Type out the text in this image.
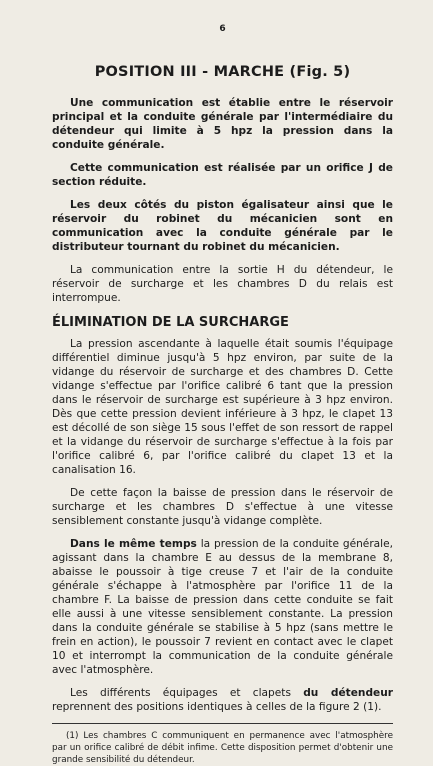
6
POSITION III - MARCHE (Fig. 5)

Une communication est établie entre le réservoir principal et la conduite générale par l'intermédiaire du détendeur qui limite à 5 hpz la pression dans la conduite générale.

Cette communication est réalisée par un orifice J de section réduite.

Les deux côtés du piston égalisateur ainsi que le réservoir du robinet du mécanicien sont en communication avec la conduite générale par le distributeur tournant du robinet du mécanicien.

La communication entre la sortie H du détendeur, le réservoir de surcharge et les chambres D du relais est interrompue.

ÉLIMINATION DE LA SURCHARGE

La pression ascendante à laquelle était soumis l'équipage différentiel diminue jusqu'à 5 hpz environ, par suite de la vidange du réservoir de surcharge et des chambres D. Cette vidange s'effectue par l'orifice calibré 6 tant que la pression dans le réservoir de surcharge est supérieure à 3 hpz environ. Dès que cette pression devient inférieure à 3 hpz, le clapet 13 est décollé de son siège 15 sous l'effet de son ressort de rappel et la vidange du réservoir de surcharge s'effectue à la fois par l'orifice calibré 6, par l'orifice calibré du clapet 13 et la canalisation 16.

De cette façon la baisse de pression dans le réservoir de surcharge et les chambres D s'effectue à une vitesse sensiblement constante jusqu'à vidange complète.

Dans le même temps la pression de la conduite générale, agissant dans la chambre E au dessus de la membrane 8, abaisse le poussoir à tige creuse 7 et l'air de la conduite générale s'échappe à l'atmosphère par l'orifice 11 de la chambre F. La baisse de pression dans cette conduite se fait elle aussi à une vitesse sensiblement constante. La pression dans la conduite générale se stabilise à 5 hpz (sans mettre le frein en action), le poussoir 7 revient en contact avec le clapet 10 et interrompt la communication de la conduite générale avec l'atmosphère.

Les différents équipages et clapets du détendeur reprennent des positions identiques à celles de la figure 2 (1).

(1) Les chambres C communiquent en permanence avec l'atmosphère par un orifice calibré de débit infime. Cette disposition permet d'obtenir une grande sensibilité du détendeur.
